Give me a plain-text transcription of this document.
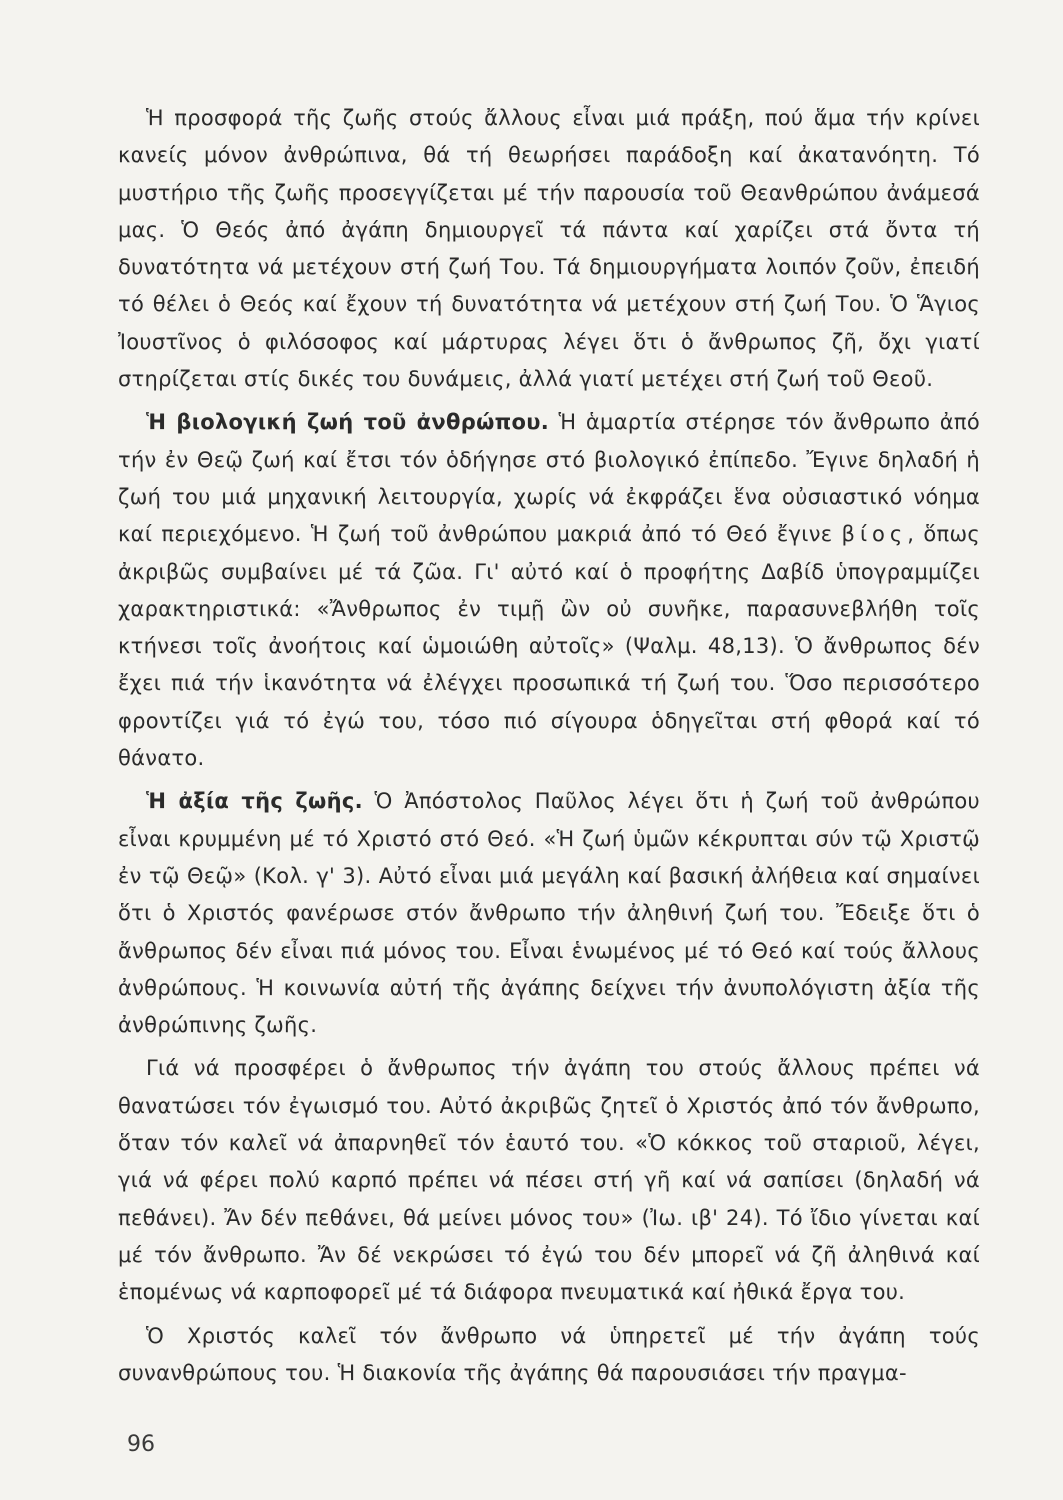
Ἡ προσφορά τῆς ζωῆς στούς ἄλλους εἶναι μιά πράξη, πού ἅμα τήν κρίνει κανείς μόνον ἀνθρώπινα, θά τή θεωρήσει παράδοξη καί ἀκατανόητη. Τό μυστήριο τῆς ζωῆς προσεγγίζεται μέ τήν παρουσία τοῦ Θεανθρώπου ἀνάμεσά μας. Ὁ Θεός ἀπό ἀγάπη δημιουργεῖ τά πάντα καί χαρίζει στά ὄντα τή δυνατότητα νά μετέχουν στή ζωή Του. Τά δημιουργήματα λοιπόν ζοῦν, ἐπειδή τό θέλει ὁ Θεός καί ἔχουν τή δυνατότητα νά μετέχουν στή ζωή Του. Ὁ Ἅγιος Ἰουστῖνος ὁ φιλόσοφος καί μάρτυρας λέγει ὅτι ὁ ἄνθρωπος ζῆ, ὄχι γιατί στηρίζεται στίς δικές του δυνάμεις, ἀλλά γιατί μετέχει στή ζωή τοῦ Θεοῦ.

Ἡ βιολογική ζωή τοῦ ἀνθρώπου. Ἡ ἁμαρτία στέρησε τόν ἄνθρωπο ἀπό τήν ἐν Θεῷ ζωή καί ἔτσι τόν ὁδήγησε στό βιολογικό ἐπίπεδο. Ἔγινε δηλαδή ἡ ζωή του μιά μηχανική λειτουργία, χωρίς νά ἐκφράζει ἕνα οὐσιαστικό νόημα καί περιεχόμενο. Ἡ ζωή τοῦ ἀνθρώπου μακριά ἀπό τό Θεό ἔγινε βίος, ὅπως ἀκριβῶς συμβαίνει μέ τά ζῶα. Γι' αὐτό καί ὁ προφήτης Δαβίδ ὑπογραμμίζει χαρακτηριστικά: «Ἄνθρωπος ἐν τιμῇ ὢν οὐ συνῆκε, παρασυνεβλήθη τοῖς κτήνεσι τοῖς ἀνοήτοις καί ὡμοιώθη αὐτοῖς» (Ψαλμ. 48,13). Ὁ ἄνθρωπος δέν ἔχει πιά τήν ἱκανότητα νά ἐλέγχει προσωπικά τή ζωή του. Ὅσο περισσότερο φροντίζει γιά τό ἐγώ του, τόσο πιό σίγουρα ὁδηγεῖται στή φθορά καί τό θάνατο.

Ἡ ἀξία τῆς ζωῆς. Ὁ Ἀπόστολος Παῦλος λέγει ὅτι ἡ ζωή τοῦ ἀνθρώπου εἶναι κρυμμένη μέ τό Χριστό στό Θεό. «Ἡ ζωή ὑμῶν κέκρυπται σύν τῷ Χριστῷ ἐν τῷ Θεῷ» (Κολ. γ' 3). Αὐτό εἶναι μιά μεγάλη καί βασική ἀλήθεια καί σημαίνει ὅτι ὁ Χριστός φανέρωσε στόν ἄνθρωπο τήν ἀληθινή ζωή του. Ἔδειξε ὅτι ὁ ἄνθρωπος δέν εἶναι πιά μόνος του. Εἶναι ἑνωμένος μέ τό Θεό καί τούς ἄλλους ἀνθρώπους. Ἡ κοινωνία αὐτή τῆς ἀγάπης δείχνει τήν ἀνυπολόγιστη ἀξία τῆς ἀνθρώπινης ζωῆς.

Γιά νά προσφέρει ὁ ἄνθρωπος τήν ἀγάπη του στούς ἄλλους πρέπει νά θανατώσει τόν ἐγωισμό του. Αὐτό ἀκριβῶς ζητεῖ ὁ Χριστός ἀπό τόν ἄνθρωπο, ὅταν τόν καλεῖ νά ἀπαρνηθεῖ τόν ἑαυτό του. «Ὁ κόκκος τοῦ σταριοῦ, λέγει, γιά νά φέρει πολύ καρπό πρέπει νά πέσει στή γῆ καί νά σαπίσει (δηλαδή νά πεθάνει). Ἄν δέν πεθάνει, θά μείνει μόνος του» (Ἰω. ιβ' 24). Τό ἴδιο γίνεται καί μέ τόν ἄνθρωπο. Ἄν δέ νεκρώσει τό ἐγώ του δέν μπορεῖ νά ζῆ ἀληθινά καί ἑπομένως νά καρποφορεῖ μέ τά διάφορα πνευματικά καί ἠθικά ἔργα του.

Ὁ Χριστός καλεῖ τόν ἄνθρωπο νά ὑπηρετεῖ μέ τήν ἀγάπη τούς συνανθρώπους του. Ἡ διακονία τῆς ἀγάπης θά παρουσιάσει τήν πραγμα-

96
